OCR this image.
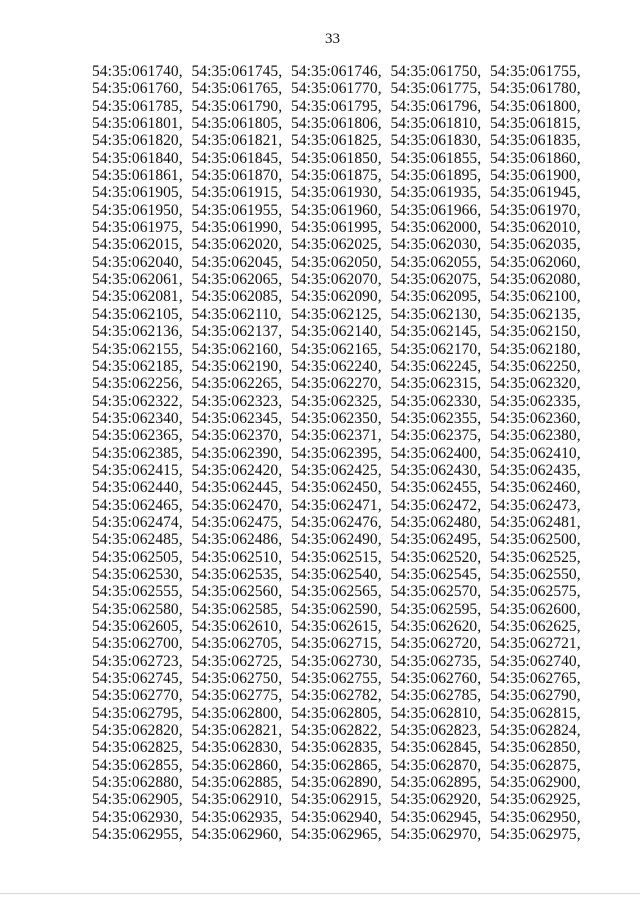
33
54:35:061740, 54:35:061745, 54:35:061746, 54:35:061750, 54:35:061755,
54:35:061760, 54:35:061765, 54:35:061770, 54:35:061775, 54:35:061780,
54:35:061785, 54:35:061790, 54:35:061795, 54:35:061796, 54:35:061800,
54:35:061801, 54:35:061805, 54:35:061806, 54:35:061810, 54:35:061815,
54:35:061820, 54:35:061821, 54:35:061825, 54:35:061830, 54:35:061835,
54:35:061840, 54:35:061845, 54:35:061850, 54:35:061855, 54:35:061860,
54:35:061861, 54:35:061870, 54:35:061875, 54:35:061895, 54:35:061900,
54:35:061905, 54:35:061915, 54:35:061930, 54:35:061935, 54:35:061945,
54:35:061950, 54:35:061955, 54:35:061960, 54:35:061966, 54:35:061970,
54:35:061975, 54:35:061990, 54:35:061995, 54:35:062000, 54:35:062010,
54:35:062015, 54:35:062020, 54:35:062025, 54:35:062030, 54:35:062035,
54:35:062040, 54:35:062045, 54:35:062050, 54:35:062055, 54:35:062060,
54:35:062061, 54:35:062065, 54:35:062070, 54:35:062075, 54:35:062080,
54:35:062081, 54:35:062085, 54:35:062090, 54:35:062095, 54:35:062100,
54:35:062105, 54:35:062110, 54:35:062125, 54:35:062130, 54:35:062135,
54:35:062136, 54:35:062137, 54:35:062140, 54:35:062145, 54:35:062150,
54:35:062155, 54:35:062160, 54:35:062165, 54:35:062170, 54:35:062180,
54:35:062185, 54:35:062190, 54:35:062240, 54:35:062245, 54:35:062250,
54:35:062256, 54:35:062265, 54:35:062270, 54:35:062315, 54:35:062320,
54:35:062322, 54:35:062323, 54:35:062325, 54:35:062330, 54:35:062335,
54:35:062340, 54:35:062345, 54:35:062350, 54:35:062355, 54:35:062360,
54:35:062365, 54:35:062370, 54:35:062371, 54:35:062375, 54:35:062380,
54:35:062385, 54:35:062390, 54:35:062395, 54:35:062400, 54:35:062410,
54:35:062415, 54:35:062420, 54:35:062425, 54:35:062430, 54:35:062435,
54:35:062440, 54:35:062445, 54:35:062450, 54:35:062455, 54:35:062460,
54:35:062465, 54:35:062470, 54:35:062471, 54:35:062472, 54:35:062473,
54:35:062474, 54:35:062475, 54:35:062476, 54:35:062480, 54:35:062481,
54:35:062485, 54:35:062486, 54:35:062490, 54:35:062495, 54:35:062500,
54:35:062505, 54:35:062510, 54:35:062515, 54:35:062520, 54:35:062525,
54:35:062530, 54:35:062535, 54:35:062540, 54:35:062545, 54:35:062550,
54:35:062555, 54:35:062560, 54:35:062565, 54:35:062570, 54:35:062575,
54:35:062580, 54:35:062585, 54:35:062590, 54:35:062595, 54:35:062600,
54:35:062605, 54:35:062610, 54:35:062615, 54:35:062620, 54:35:062625,
54:35:062700, 54:35:062705, 54:35:062715, 54:35:062720, 54:35:062721,
54:35:062723, 54:35:062725, 54:35:062730, 54:35:062735, 54:35:062740,
54:35:062745, 54:35:062750, 54:35:062755, 54:35:062760, 54:35:062765,
54:35:062770, 54:35:062775, 54:35:062782, 54:35:062785, 54:35:062790,
54:35:062795, 54:35:062800, 54:35:062805, 54:35:062810, 54:35:062815,
54:35:062820, 54:35:062821, 54:35:062822, 54:35:062823, 54:35:062824,
54:35:062825, 54:35:062830, 54:35:062835, 54:35:062845, 54:35:062850,
54:35:062855, 54:35:062860, 54:35:062865, 54:35:062870, 54:35:062875,
54:35:062880, 54:35:062885, 54:35:062890, 54:35:062895, 54:35:062900,
54:35:062905, 54:35:062910, 54:35:062915, 54:35:062920, 54:35:062925,
54:35:062930, 54:35:062935, 54:35:062940, 54:35:062945, 54:35:062950,
54:35:062955, 54:35:062960, 54:35:062965, 54:35:062970, 54:35:062975,
